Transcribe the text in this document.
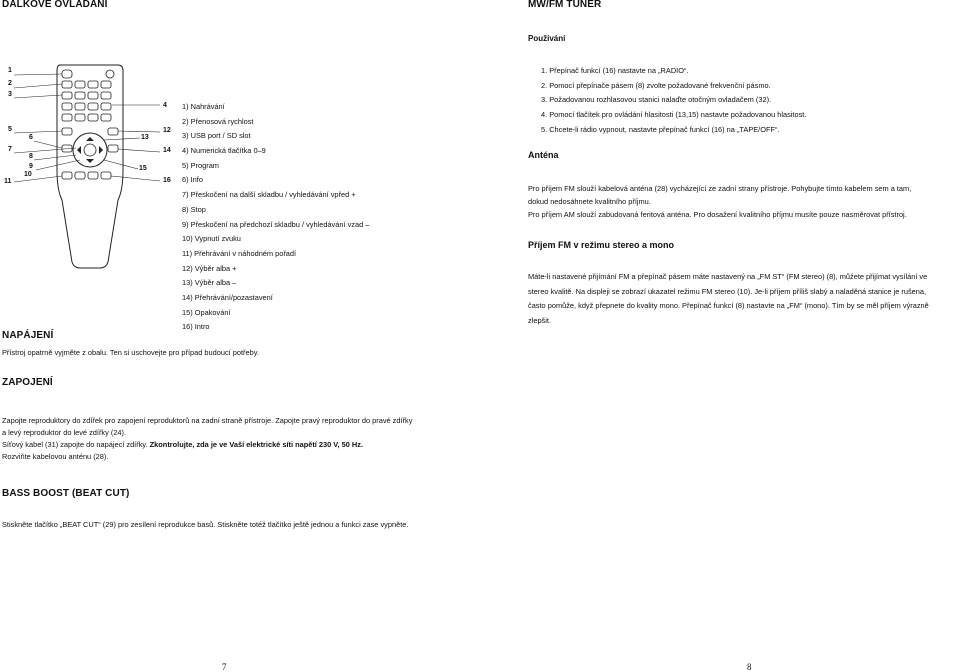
DÁLKOVÉ OVLÁDÁNÍ
1
2
3
5
6
7
8
9
10
11
4
12
13
14
15
16
1) Nahrávání
2) Přenosová rychlost
3) USB port / SD slot
4) Numerická tlačítka 0–9
5) Program
6) Info
7) Přeskočení na další skladbu / vyhledávání vpřed +
8) Stop
9) Přeskočení na předchozí skladbu / vyhledávání vzad –
10) Vypnutí zvuku
11) Přehrávání v náhodném pořadí
12) Výběr alba +
13) Výběr alba –
14) Přehrávání/pozastavení
15) Opakování
16) Intro
NAPÁJENÍ
Přístroj opatrně vyjměte z obalu. Ten si uschovejte pro případ budoucí potřeby.
ZAPOJENÍ
Zapojte reproduktory do zdířek pro zapojení reproduktorů na zadní straně přístroje. Zapojte pravý reproduktor do pravé zdířky
a levý reproduktor do levé zdířky (24).
Síťový kabel (31) zapojte do napájecí zdířky. Zkontrolujte, zda je ve Vaší elektrické síti napětí 230 V, 50 Hz.
Rozviňte kabelovou anténu (28).
BASS BOOST (BEAT CUT)
Stiskněte tlačítko „BEAT CUT“ (29) pro zesílení reprodukce basů. Stiskněte totéž tlačítko ještě jednou a funkci zase vypněte.
7
MW/FM TUNER
Používání
1. Přepínač funkcí (16) nastavte na „RADIO“.
2. Pomocí přepínače pásem (8) zvolte požadované frekvenční pásmo.
3. Požadovanou rozhlasovou stanici nalaďte otočným ovladačem (32).
4. Pomocí tlačítek pro ovládání hlasitosti (13,15) nastavte požadovanou hlasitost.
5. Chcete-li rádio vypnout, nastavte přepínač funkcí (16) na „TAPE/OFF“.
Anténa
Pro příjem FM slouží kabelová anténa (28) vycházející ze zadní strany přístroje. Pohybujte tímto kabelem sem a tam,
dokud nedosáhnete kvalitního příjmu.
Pro příjem AM slouží zabudovaná feritová anténa. Pro dosažení kvalitního příjmu musíte pouze nasměrovat přístroj.
Příjem FM v režimu stereo a mono
Máte-li nastavené přijímání FM a přepínač pásem máte nastavený na „FM ST“ (FM stereo) (8), můžete přijímat vysílání ve
stereo kvalitě. Na displeji se zobrazí ukazatel režimu FM stereo (10). Je-li příjem příliš slabý a naladěná stanice je rušena,
často pomůže, když přepnete do kvality mono. Přepínač funkcí (8) nastavte na „FM“ (mono). Tím by se měl příjem výrazně
zlepšit.
8
